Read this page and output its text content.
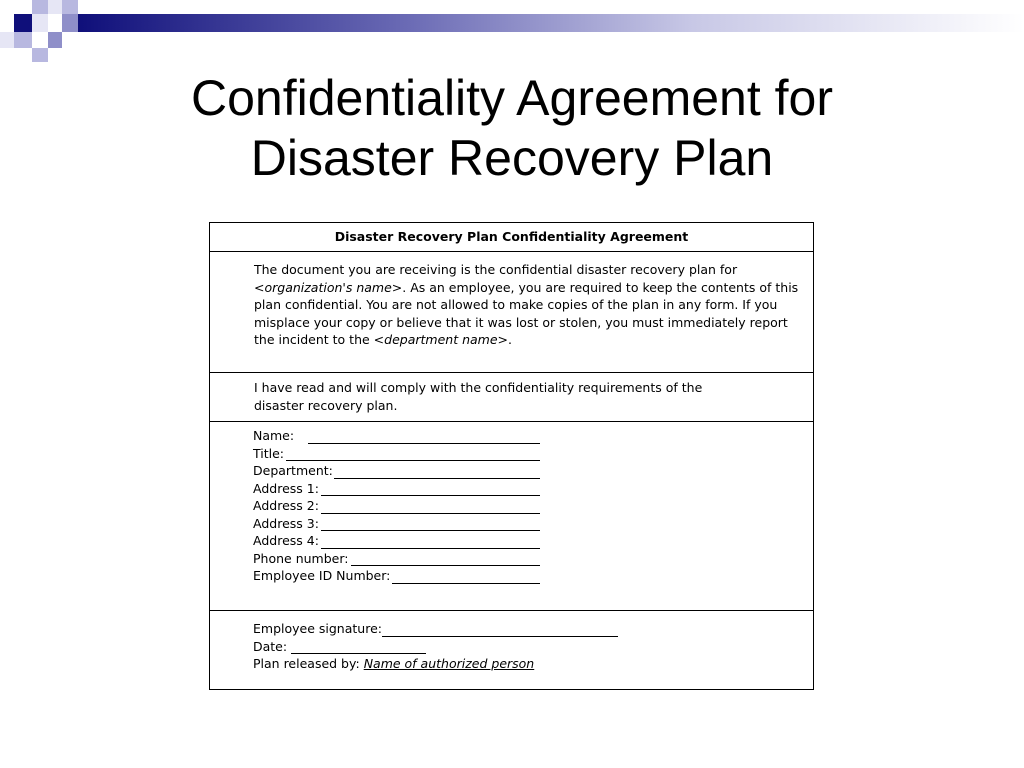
Confidentiality Agreement for
Disaster Recovery Plan
Disaster Recovery Plan Confidentiality Agreement

The document you are receiving is the confidential disaster recovery plan for
<organization's name>. As an employee, you are required to keep the contents of this plan confidential. You are not allowed to make copies of the plan in any form. If you misplace your copy or believe that it was lost or stolen, you must immediately report the incident to the <department name>.

I have read and will comply with the confidentiality requirements of the disaster recovery plan.

Name:
Title:
Department:
Address 1:
Address 2:
Address 3:
Address 4:
Phone number:
Employee ID Number:
Employee signature:
Date:
Plan released by: Name of authorized person
